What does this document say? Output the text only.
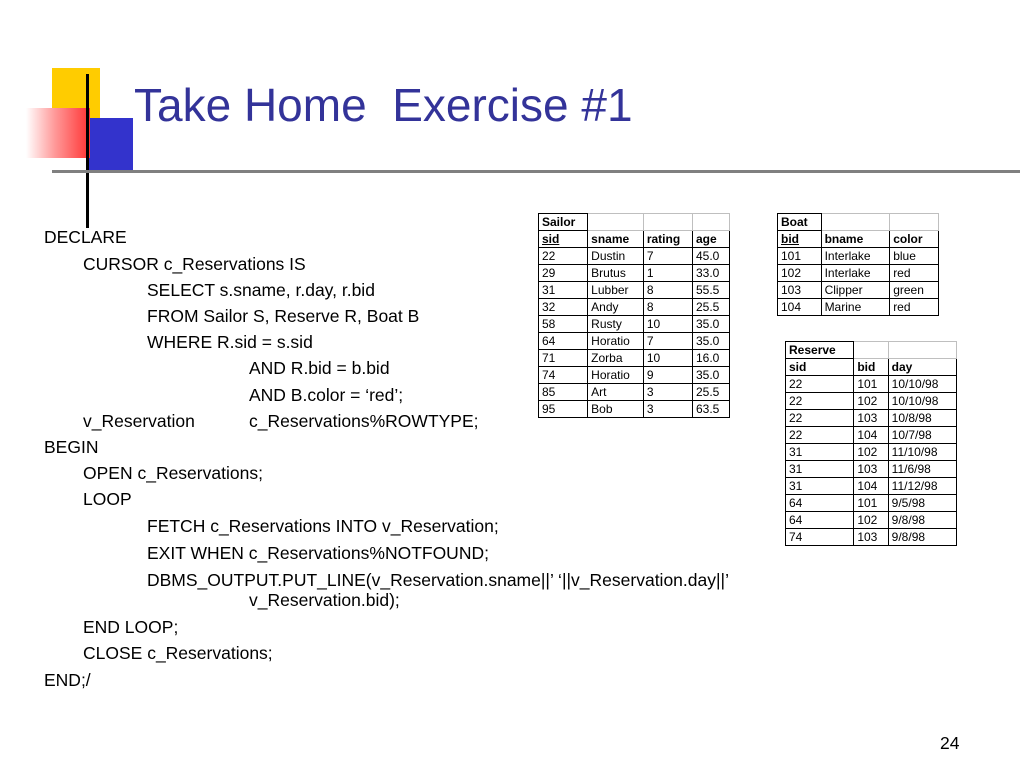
Take Home  Exercise #1
DECLARE
CURSOR c_Reservations IS
SELECT s.sname, r.day, r.bid
FROM Sailor S, Reserve R, Boat B
WHERE R.sid = s.sid
AND R.bid = b.bid
AND B.color = ‘red’;
v_Reservation	c_Reservations%ROWTYPE;
BEGIN
OPEN c_Reservations;
LOOP
FETCH c_Reservations INTO v_Reservation;
EXIT WHEN c_Reservations%NOTFOUND;
DBMS_OUTPUT.PUT_LINE(v_Reservation.sname||’ ‘||v_Reservation.day||’
v_Reservation.bid);
END LOOP;
CLOSE c_Reservations;
END;/
Sailor			
sid	sname	rating	age
22	Dustin	7	45.0
29	Brutus	1	33.0
31	Lubber	8	55.5
32	Andy	8	25.5
58	Rusty	10	35.0
64	Horatio	7	35.0
71	Zorba	10	16.0
74	Horatio	9	35.0
85	Art	3	25.5
95	Bob	3	63.5
Boat		
bid	bname	color
101	Interlake	blue
102	Interlake	red
103	Clipper	green
104	Marine	red
Reserve		
sid	bid	day
22	101	10/10/98
22	102	10/10/98
22	103	10/8/98
22	104	10/7/98
31	102	11/10/98
31	103	11/6/98
31	104	11/12/98
64	101	9/5/98
64	102	9/8/98
74	103	9/8/98
24
